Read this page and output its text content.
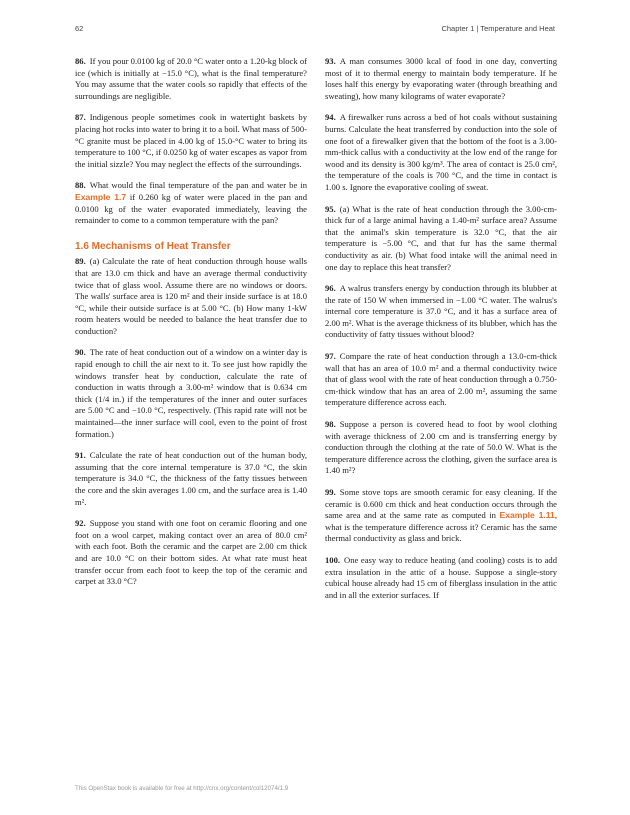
62	Chapter 1 | Temperature and Heat

86. If you pour 0.0100 kg of 20.0 °C water onto a 1.20-kg block of ice (which is initially at −15.0 °C), what is the final temperature? You may assume that the water cools so rapidly that effects of the surroundings are negligible.

87. Indigenous people sometimes cook in watertight baskets by placing hot rocks into water to bring it to a boil. What mass of 500-°C granite must be placed in 4.00 kg of 15.0-°C water to bring its temperature to 100 °C, if 0.0250 kg of water escapes as vapor from the initial sizzle? You may neglect the effects of the surroundings.

88. What would the final temperature of the pan and water be in Example 1.7 if 0.260 kg of water were placed in the pan and 0.0100 kg of the water evaporated immediately, leaving the remainder to come to a common temperature with the pan?

1.6 Mechanisms of Heat Transfer

89. (a) Calculate the rate of heat conduction through house walls that are 13.0 cm thick and have an average thermal conductivity twice that of glass wool. Assume there are no windows or doors. The walls' surface area is 120 m² and their inside surface is at 18.0 °C, while their outside surface is at 5.00 °C. (b) How many 1-kW room heaters would be needed to balance the heat transfer due to conduction?

90. The rate of heat conduction out of a window on a winter day is rapid enough to chill the air next to it. To see just how rapidly the windows transfer heat by conduction, calculate the rate of conduction in watts through a 3.00-m² window that is 0.634 cm thick (1/4 in.) if the temperatures of the inner and outer surfaces are 5.00 °C and −10.0 °C, respectively. (This rapid rate will not be maintained—the inner surface will cool, even to the point of frost formation.)

91. Calculate the rate of heat conduction out of the human body, assuming that the core internal temperature is 37.0 °C, the skin temperature is 34.0 °C, the thickness of the fatty tissues between the core and the skin averages 1.00 cm, and the surface area is 1.40 m².

92. Suppose you stand with one foot on ceramic flooring and one foot on a wool carpet, making contact over an area of 80.0 cm² with each foot. Both the ceramic and the carpet are 2.00 cm thick and are 10.0 °C on their bottom sides. At what rate must heat transfer occur from each foot to keep the top of the ceramic and carpet at 33.0 °C?

93. A man consumes 3000 kcal of food in one day, converting most of it to thermal energy to maintain body temperature. If he loses half this energy by evaporating water (through breathing and sweating), how many kilograms of water evaporate?

94. A firewalker runs across a bed of hot coals without sustaining burns. Calculate the heat transferred by conduction into the sole of one foot of a firewalker given that the bottom of the foot is a 3.00-mm-thick callus with a conductivity at the low end of the range for wood and its density is 300 kg/m³. The area of contact is 25.0 cm², the temperature of the coals is 700 °C, and the time in contact is 1.00 s. Ignore the evaporative cooling of sweat.

95. (a) What is the rate of heat conduction through the 3.00-cm-thick fur of a large animal having a 1.40-m² surface area? Assume that the animal's skin temperature is 32.0 °C, that the air temperature is −5.00 °C, and that fur has the same thermal conductivity as air. (b) What food intake will the animal need in one day to replace this heat transfer?

96. A walrus transfers energy by conduction through its blubber at the rate of 150 W when immersed in −1.00 °C water. The walrus's internal core temperature is 37.0 °C, and it has a surface area of 2.00 m². What is the average thickness of its blubber, which has the conductivity of fatty tissues without blood?

97. Compare the rate of heat conduction through a 13.0-cm-thick wall that has an area of 10.0 m² and a thermal conductivity twice that of glass wool with the rate of heat conduction through a 0.750-cm-thick window that has an area of 2.00 m², assuming the same temperature difference across each.

98. Suppose a person is covered head to foot by wool clothing with average thickness of 2.00 cm and is transferring energy by conduction through the clothing at the rate of 50.0 W. What is the temperature difference across the clothing, given the surface area is 1.40 m²?

99. Some stove tops are smooth ceramic for easy cleaning. If the ceramic is 0.600 cm thick and heat conduction occurs through the same area and at the same rate as computed in Example 1.11, what is the temperature difference across it? Ceramic has the same thermal conductivity as glass and brick.

100. One easy way to reduce heating (and cooling) costs is to add extra insulation in the attic of a house. Suppose a single-story cubical house already had 15 cm of fiberglass insulation in the attic and in all the exterior surfaces. If

This OpenStax book is available for free at http://cnx.org/content/col12074/1.9
